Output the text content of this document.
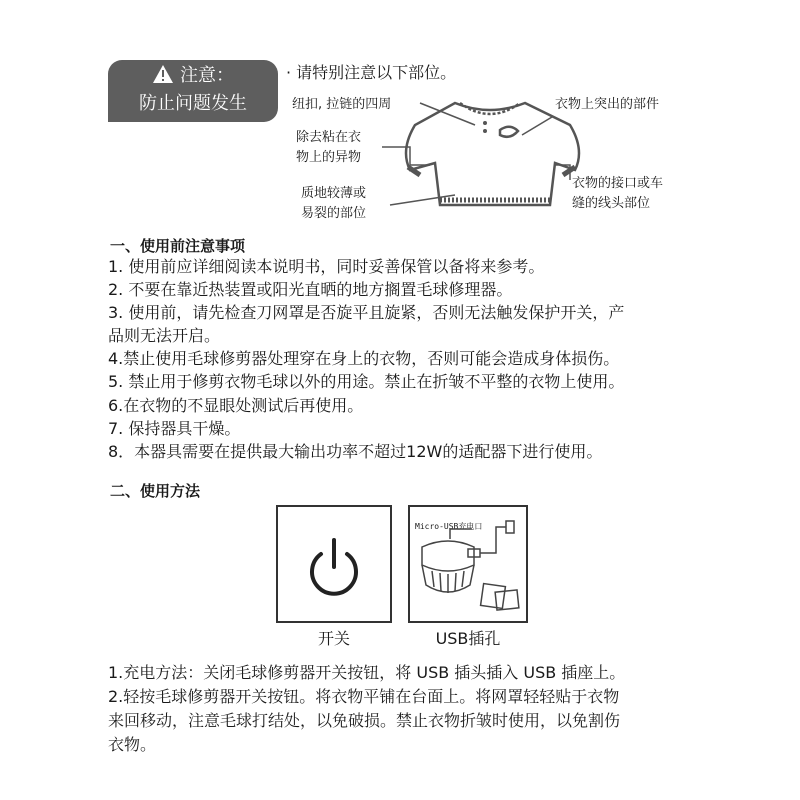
注意：
防止问题发生
· 请特别注意以下部位。
纽扣, 拉链的四周	衣物上突出的部件
除去粘在衣
物上的异物
质地较薄或
易裂的部位
衣物的接口或车
缝的线头部位
一、使用前注意事项
1. 使用前应详细阅读本说明书，同时妥善保管以备将来参考。
2. 不要在靠近热装置或阳光直晒的地方搁置毛球修理器。
3. 使用前，请先检查刀网罩是否旋平且旋紧，否则无法触发保护开关，产
品则无法开启。
4.禁止使用毛球修剪器处理穿在身上的衣物，否则可能会造成身体损伤。
5. 禁止用于修剪衣物毛球以外的用途。禁止在折皱不平整的衣物上使用。
6.在衣物的不显眼处测试后再使用。
7. 保持器具干燥。
8．本器具需要在提供最大输出功率不超过12W的适配器下进行使用。
二、使用方法
开关
Micro-USB充电口
USB插孔
1.充电方法：关闭毛球修剪器开关按钮，将 USB 插头插入 USB 插座上。
2.轻按毛球修剪器开关按钮。将衣物平铺在台面上。将网罩轻轻贴于衣物
来回移动，注意毛球打结处，以免破损。禁止衣物折皱时使用，以免割伤
衣物。
